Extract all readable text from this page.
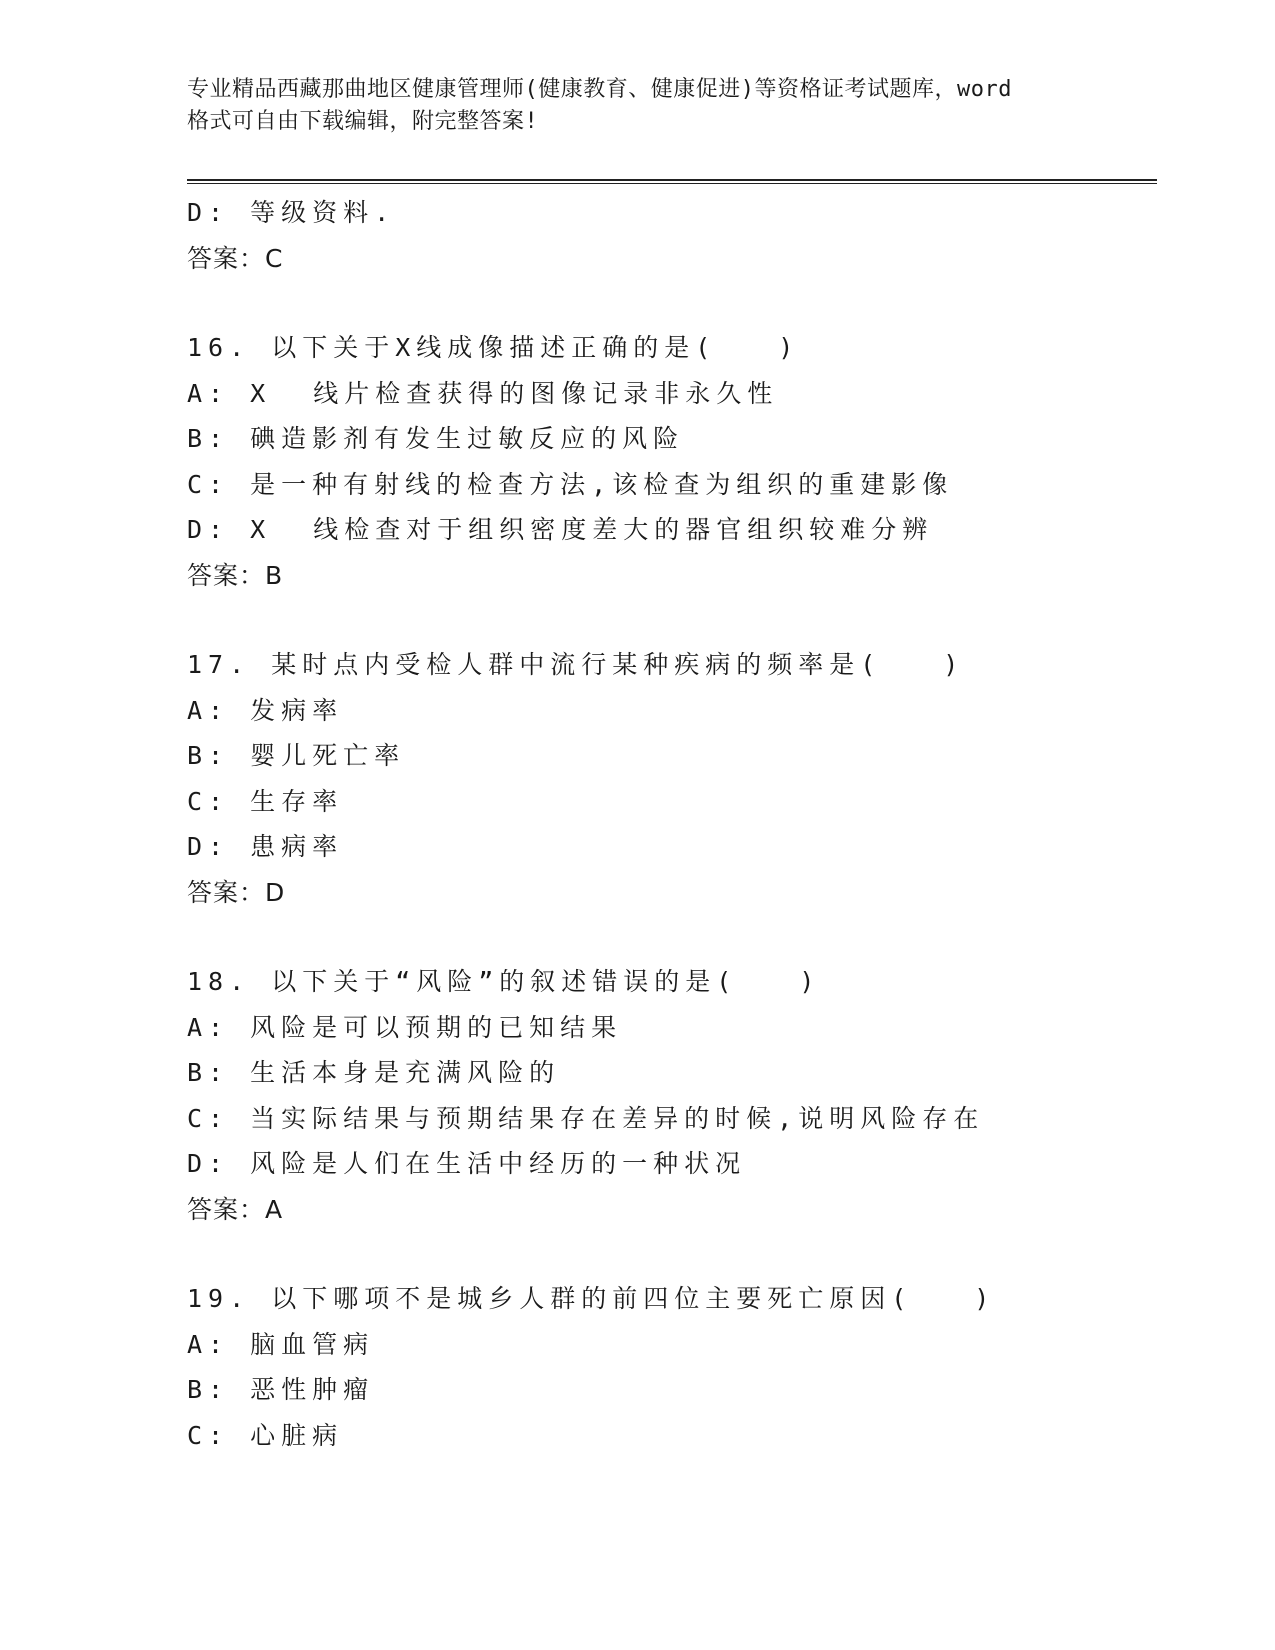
专业精品西藏那曲地区健康管理师(健康教育、健康促进)等资格证考试题库，word
格式可自由下载编辑，附完整答案!
D: 等级资料.
答案：C
16. 以下关于X线成像描述正确的是(　　)
A: X  线片检查获得的图像记录非永久性
B: 碘造影剂有发生过敏反应的风险
C: 是一种有射线的检查方法,该检查为组织的重建影像
D: X  线检查对于组织密度差大的器官组织较难分辨
答案：B
17. 某时点内受检人群中流行某种疾病的频率是(　　)
A: 发病率
B: 婴儿死亡率
C: 生存率
D: 患病率
答案：D
18. 以下关于“风险”的叙述错误的是(　　)
A: 风险是可以预期的已知结果
B: 生活本身是充满风险的
C: 当实际结果与预期结果存在差异的时候,说明风险存在
D: 风险是人们在生活中经历的一种状况
答案：A
19. 以下哪项不是城乡人群的前四位主要死亡原因(　　)
A: 脑血管病
B: 恶性肿瘤
C: 心脏病
